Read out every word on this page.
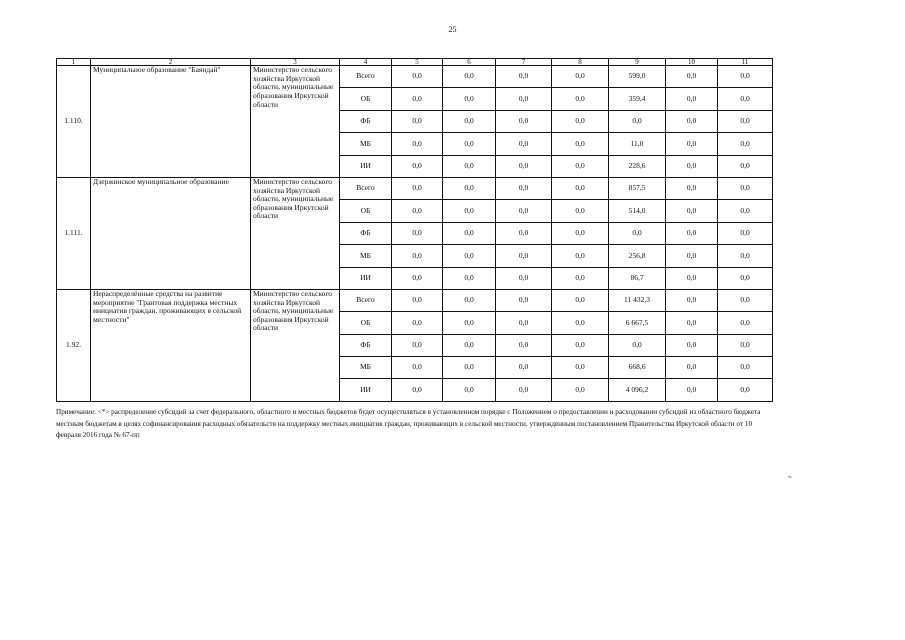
25
1	2	3	4	5	6	7	8	9	10	11
1.110.	Муниципальное образование "Баяндай"	Министерство сельского хозяйства Иркутской области, муниципальные образования Иркутской области	Всего	0,0	0,0	0,0	0,0	599,0	0,0	0,0
			ОБ	0,0	0,0	0,0	0,0	359,4	0,0	0,0
			ФБ	0,0	0,0	0,0	0,0	0,0	0,0	0,0
			МБ	0,0	0,0	0,0	0,0	11,0	0,0	0,0
			ИИ	0,0	0,0	0,0	0,0	228,6	0,0	0,0
1.111.	Дзержинское муниципальное образование	Министерство сельского хозяйства Иркутской области, муниципальные образования Иркутской области	Всего	0,0	0,0	0,0	0,0	857,5	0,0	0,0
			ОБ	0,0	0,0	0,0	0,0	514,0	0,0	0,0
			ФБ	0,0	0,0	0,0	0,0	0,0	0,0	0,0
			МБ	0,0	0,0	0,0	0,0	256,8	0,0	0,0
			ИИ	0,0	0,0	0,0	0,0	86,7	0,0	0,0
1.92.	Нераспределённые средства на развитие мероприятие "Грантовая поддержка местных инициатив граждан, проживающих в сельской местности"	Министерство сельского хозяйства Иркутской области, муниципальные образования Иркутской области	Всего	0,0	0,0	0,0	0,0	11 432,3	0,0	0,0
			ОБ	0,0	0,0	0,0	0,0	6 667,5	0,0	0,0
			ФБ	0,0	0,0	0,0	0,0	0,0	0,0	0,0
			МБ	0,0	0,0	0,0	0,0	668,6	0,0	0,0
			ИИ	0,0	0,0	0,0	0,0	4 096,2	0,0	0,0
Примечание: <*> распределение субсидий за счет федерального, областного и местных бюджетов будет осуществляться в установленном порядке с Положением о предоставлении и расходовании субсидий из областного бюджета местным бюджетам в целях софинансирования расходных обязательств на поддержку местных инициатив граждан, проживающих в сельской местности, утвержденным постановлением Правительства Иркутской области от 10 февраля 2016 года № 67-пп
».
